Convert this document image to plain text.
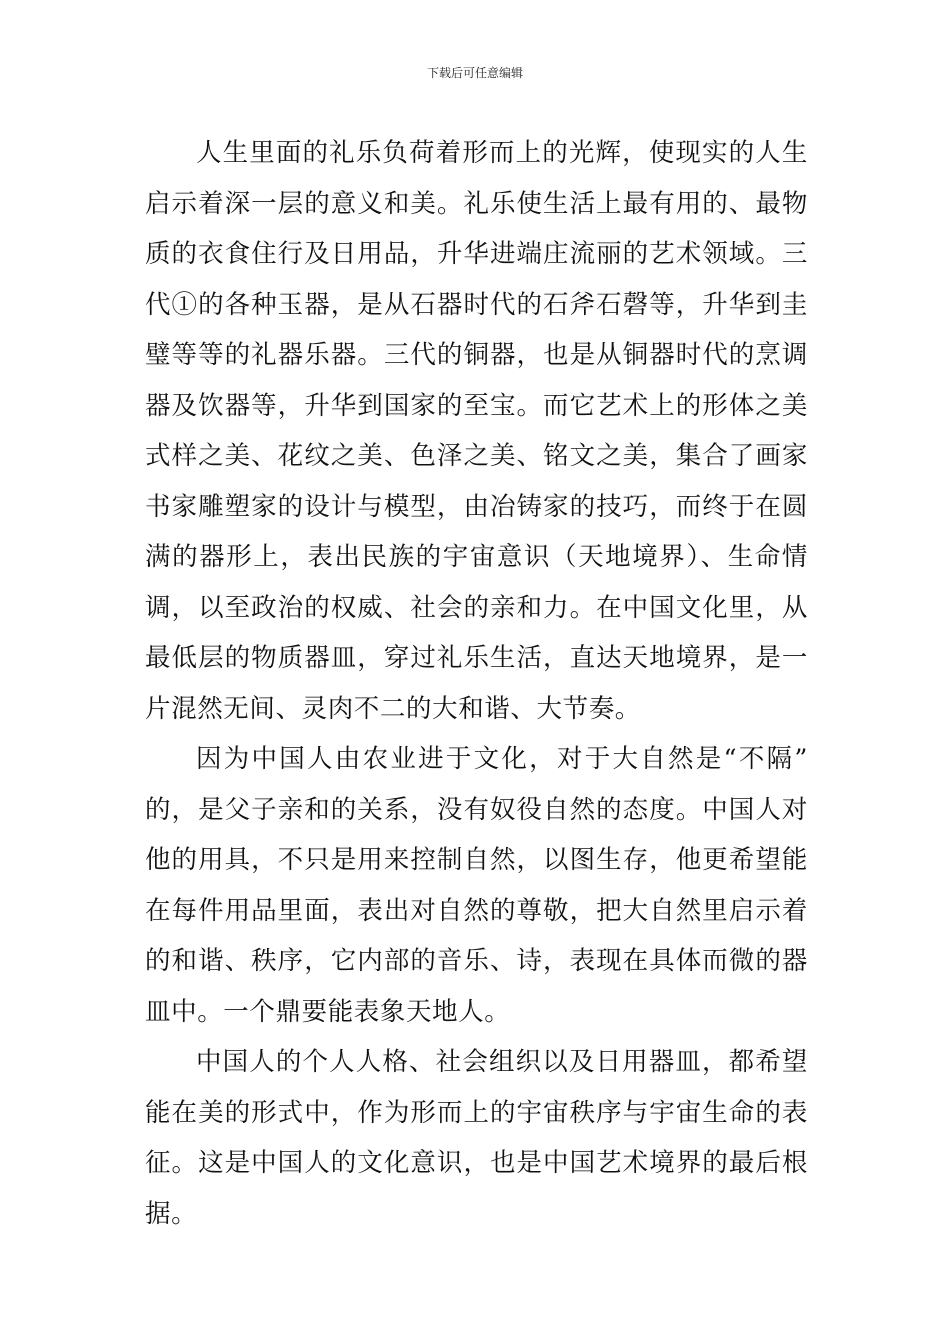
下载后可任意编辑

人生里面的礼乐负荷着形而上的光辉，使现实的人生
启示着深一层的意义和美。礼乐使生活上最有用的、最物
质的衣食住行及日用品，升华进端庄流丽的艺术领域。三
代①的各种玉器，是从石器时代的石斧石磬等，升华到圭
璧等等的礼器乐器。三代的铜器，也是从铜器时代的烹调
器及饮器等，升华到国家的至宝。而它艺术上的形体之美
式样之美、花纹之美、色泽之美、铭文之美，集合了画家
书家雕塑家的设计与模型，由冶铸家的技巧，而终于在圆
满的器形上，表出民族的宇宙意识（天地境界）、生命情
调，以至政治的权威、社会的亲和力。在中国文化里，从
最低层的物质器皿，穿过礼乐生活，直达天地境界，是一
片混然无间、灵肉不二的大和谐、大节奏。

因为中国人由农业进于文化，对于大自然是“不隔”
的，是父子亲和的关系，没有奴役自然的态度。中国人对
他的用具，不只是用来控制自然，以图生存，他更希望能
在每件用品里面，表出对自然的尊敬，把大自然里启示着
的和谐、秩序，它内部的音乐、诗，表现在具体而微的器
皿中。一个鼎要能表象天地人。

中国人的个人人格、社会组织以及日用器皿，都希望
能在美的形式中，作为形而上的宇宙秩序与宇宙生命的表
征。这是中国人的文化意识，也是中国艺术境界的最后根
据。
